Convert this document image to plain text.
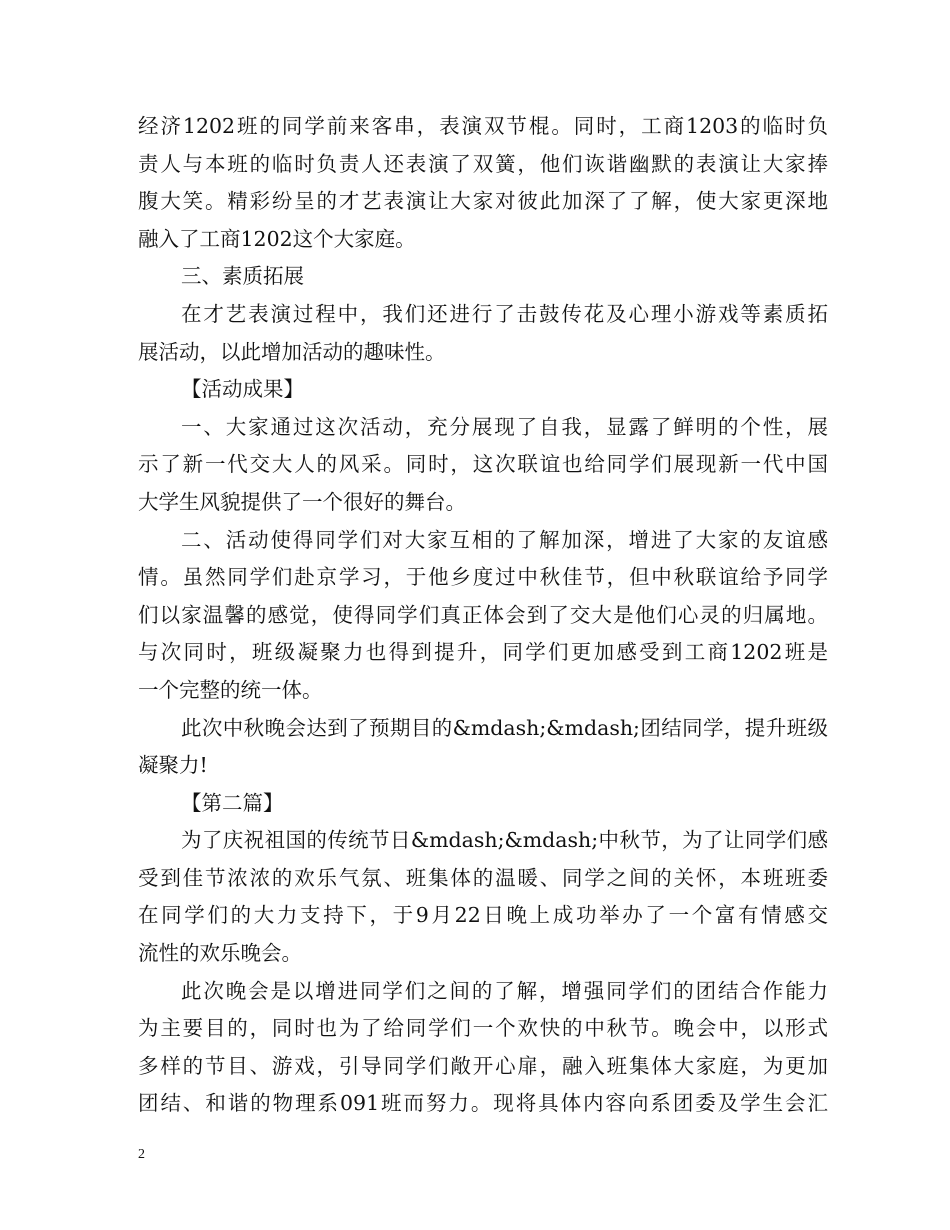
经济1202班的同学前来客串，表演双节棍。同时，工商1203的临时负
责人与本班的临时负责人还表演了双簧，他们诙谐幽默的表演让大家捧
腹大笑。精彩纷呈的才艺表演让大家对彼此加深了了解，使大家更深地
融入了工商1202这个大家庭。
三、素质拓展
在才艺表演过程中，我们还进行了击鼓传花及心理小游戏等素质拓
展活动，以此增加活动的趣味性。
【活动成果】
一、大家通过这次活动，充分展现了自我，显露了鲜明的个性，展
示了新一代交大人的风采。同时，这次联谊也给同学们展现新一代中国
大学生风貌提供了一个很好的舞台。
二、活动使得同学们对大家互相的了解加深，增进了大家的友谊感
情。虽然同学们赴京学习，于他乡度过中秋佳节，但中秋联谊给予同学
们以家温馨的感觉，使得同学们真正体会到了交大是他们心灵的归属地。
与次同时，班级凝聚力也得到提升，同学们更加感受到工商1202班是
一个完整的统一体。
此次中秋晚会达到了预期目的&mdash;&mdash;团结同学，提升班级
凝聚力!
【第二篇】
为了庆祝祖国的传统节日&mdash;&mdash;中秋节，为了让同学们感
受到佳节浓浓的欢乐气氛、班集体的温暖、同学之间的关怀，本班班委
在同学们的大力支持下，于9月22日晚上成功举办了一个富有情感交
流性的欢乐晚会。
此次晚会是以增进同学们之间的了解，增强同学们的团结合作能力
为主要目的，同时也为了给同学们一个欢快的中秋节。晚会中，以形式
多样的节目、游戏，引导同学们敞开心扉，融入班集体大家庭，为更加
团结、和谐的物理系091班而努力。现将具体内容向系团委及学生会汇
2
